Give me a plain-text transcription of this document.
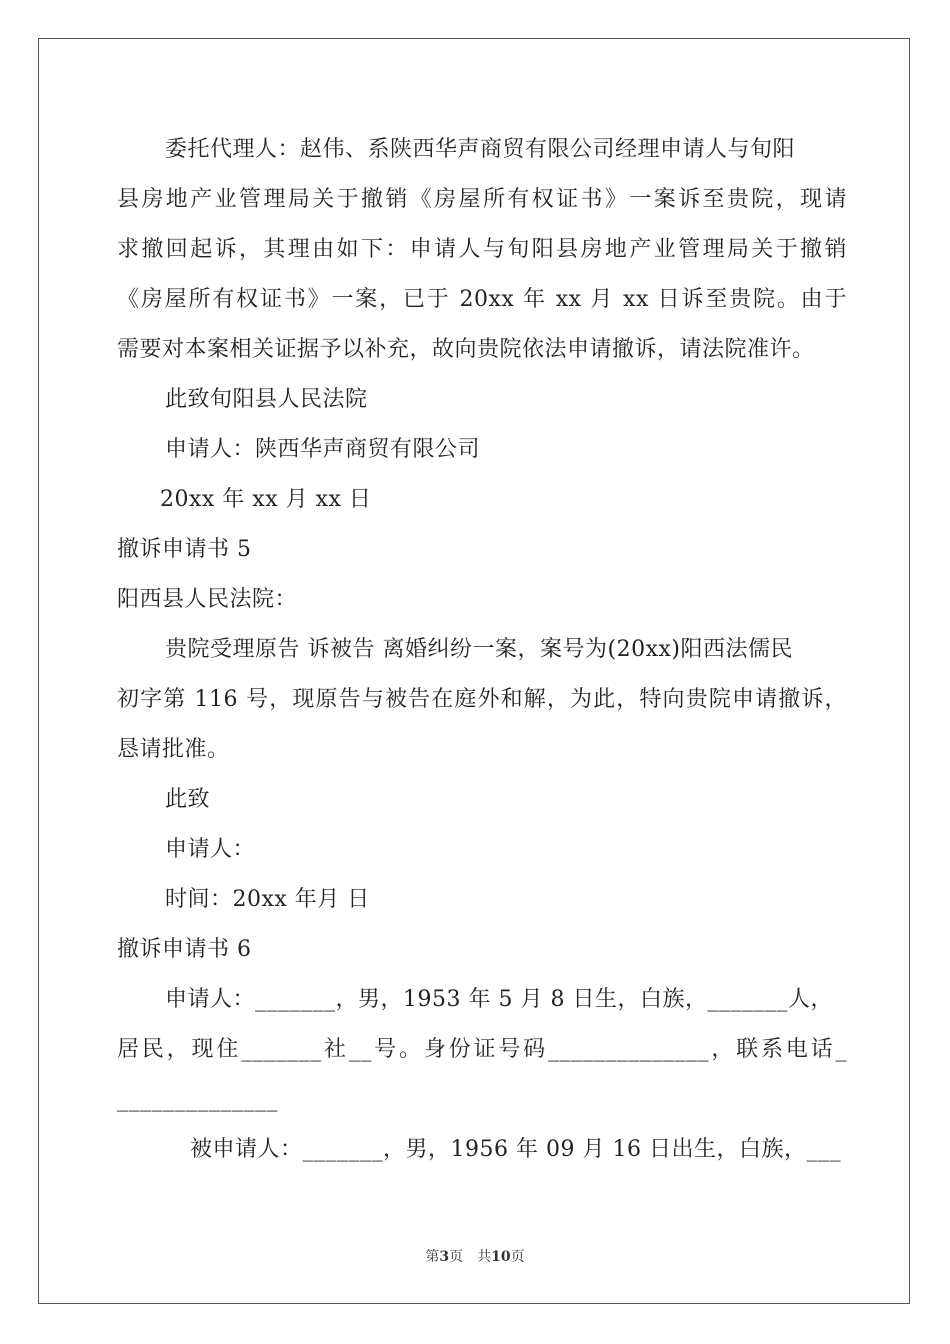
委托代理人：赵伟、系陕西华声商贸有限公司经理申请人与旬阳
县房地产业管理局关于撤销《房屋所有权证书》一案诉至贵院，现请
求撤回起诉，其理由如下：申请人与旬阳县房地产业管理局关于撤销
《房屋所有权证书》一案，已于 20xx 年 xx 月 xx 日诉至贵院。由于
需要对本案相关证据予以补充，故向贵院依法申请撤诉，请法院准许。
此致旬阳县人民法院
申请人：陕西华声商贸有限公司
20xx 年 xx 月 xx 日
撤诉申请书 5
阳西县人民法院：
贵院受理原告 诉被告 离婚纠纷一案，案号为(20xx)阳西法儒民
初字第 116 号，现原告与被告在庭外和解，为此，特向贵院申请撤诉，
恳请批准。
此致
申请人：
时间：20xx 年月 日
撤诉申请书 6
申请人：_______，男，1953 年 5 月 8 日生，白族，_______人，
居民，现住_______社__号。身份证号码______________，联系电话_
______________
被申请人：_______，男，1956 年 09 月 16 日出生，白族，___
第3页　共10页
